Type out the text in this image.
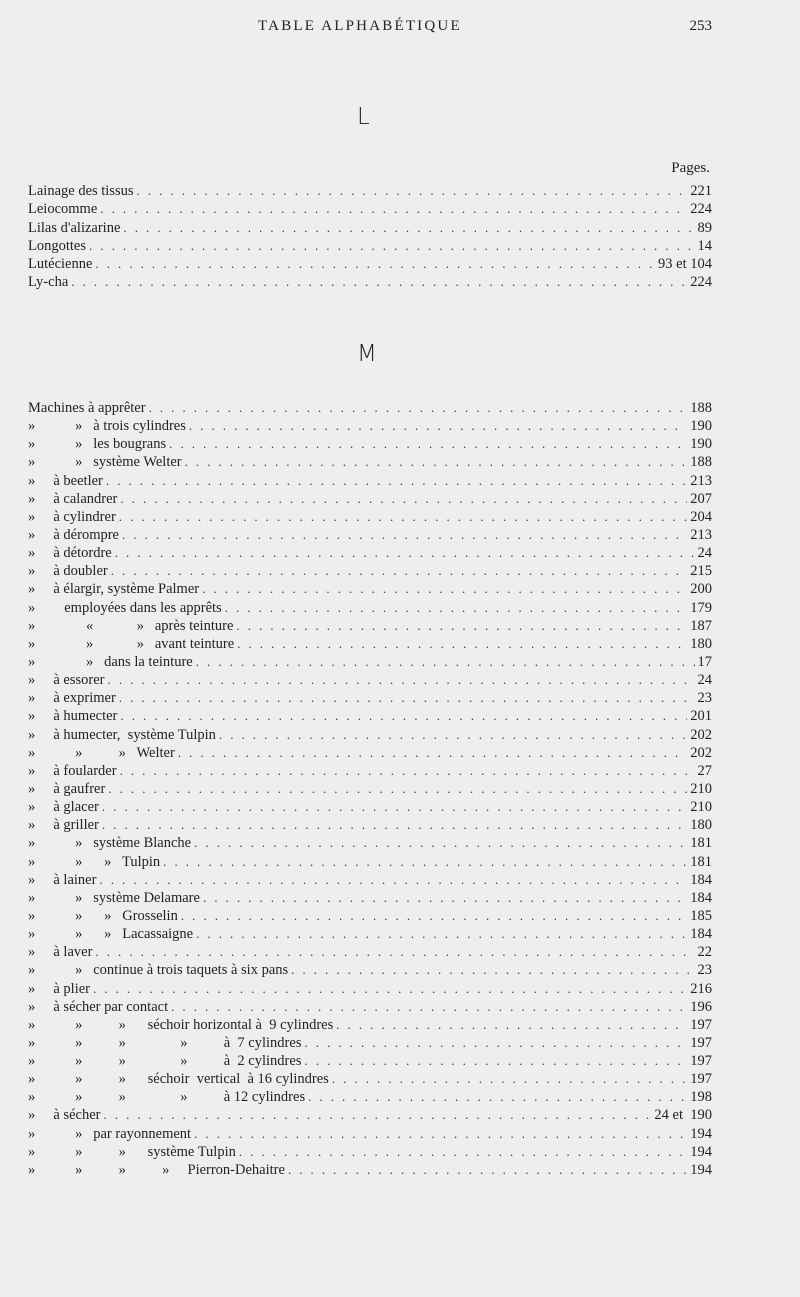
TABLE ALPHABÉTIQUE	253
L
Pages.
Lainage des tissus . . .	221
Leiocomme . . .	224
Lilas d'alizarine . . .	89
Longottes . . .	14
Lutécienne . . .	93 et 104
Ly-cha . . .	224
M
Machines à apprêter . . .	188
»           »   à trois cylindres . . .	190
»           »   les bougrans . . .	190
»           »   système Welter . . .	188
»     à beetler . . .	213
»     à calandrer . . .	207
»     à cylindrer . . .	204
»     à dérompre . . .	213
»     à détordre . . .	24
»     à doubler . . .	215
»     à élargir, système Palmer . . .	200
»        employées dans les apprêts . . .	179
»              «            »   après teinture . . .	187
»              »            »   avant teinture . . .	180
»              »   dans la teinture . . .	17
»     à essorer . . .	24
»     à exprimer . . .	23
»     à humecter . . .	201
»     à humecter,  système Tulpin . . .	202
»           »          »   Welter . . .	202
»     à foularder . . .	27
»     à gaufrer . . .	210
»     à glacer . . .	210
»     à griller . . .	180
»           »   système Blanche . . .	181
»           »      »   Tulpin . . .	181
»     à lainer . . .	184
»           »   système Delamare . . .	184
»           »      »   Grosselin . . .	185
»           »      »   Lacassaigne . . .	184
»     à laver . . .	22
»           »   continue à trois taquets à six pans . . .	23
»     à plier . . .	216
»     à sécher par contact . . .	196
»           »          »      séchoir horizontal à  9 cylindres . . .	197
»           »          »               »          à  7 cylindres . . .	197
»           »          »               »          à  2 cylindres . . .	197
»           »          »      séchoir  vertical  à 16 cylindres . . .	197
»           »          »               »          à 12 cylindres . . .	198
»     à sécher . . .	24 et  190
»           »   par rayonnement . . .	194
»           »          »      système Tulpin . . .	194
»           »          »          »     Pierron-Dehaitre . . .	194
